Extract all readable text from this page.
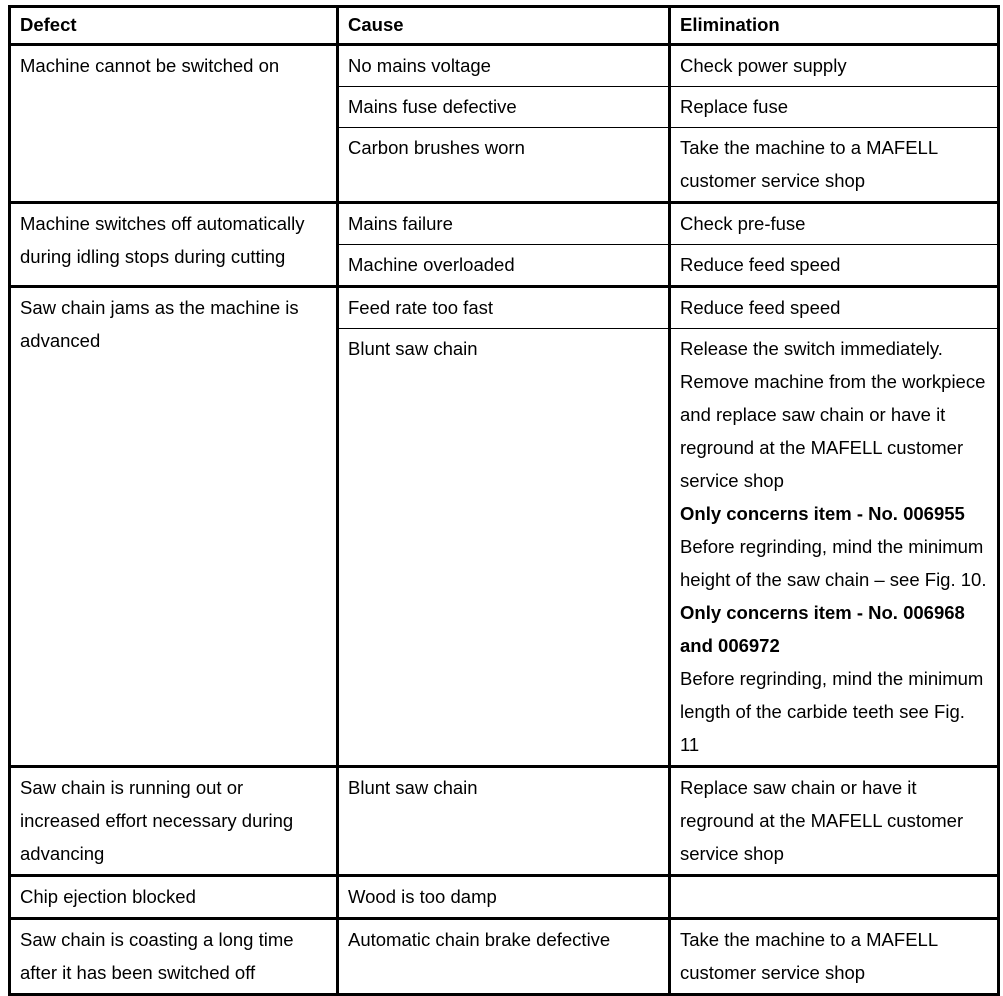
Defect	Cause	Elimination
Machine cannot be switched on	No mains voltage	Check power supply
	Mains fuse defective	Replace fuse
	Carbon brushes worn	Take the machine to a MAFELL customer service shop
Machine switches off automatically during idling stops during cutting	Mains failure	Check pre-fuse
	Machine overloaded	Reduce feed speed
Saw chain jams as the machine is advanced	Feed rate too fast	Reduce feed speed
	Blunt saw chain	Release the switch immediately. Remove machine from the workpiece and replace saw chain or have it reground at the MAFELL customer service shop
Only concerns item - No. 006955
Before regrinding, mind the minimum height of the saw chain – see Fig. 10.
Only concerns item - No. 006968 and 006972
Before regrinding, mind the minimum length of the carbide teeth see Fig. 11

Saw chain is running out or increased effort necessary during advancing	Blunt saw chain	Replace saw chain or have it reground at the MAFELL customer service shop
Chip ejection blocked	Wood is too damp	
Saw chain is coasting a long time after it has been switched off	Automatic chain brake defective	Take the machine to a MAFELL customer service shop
